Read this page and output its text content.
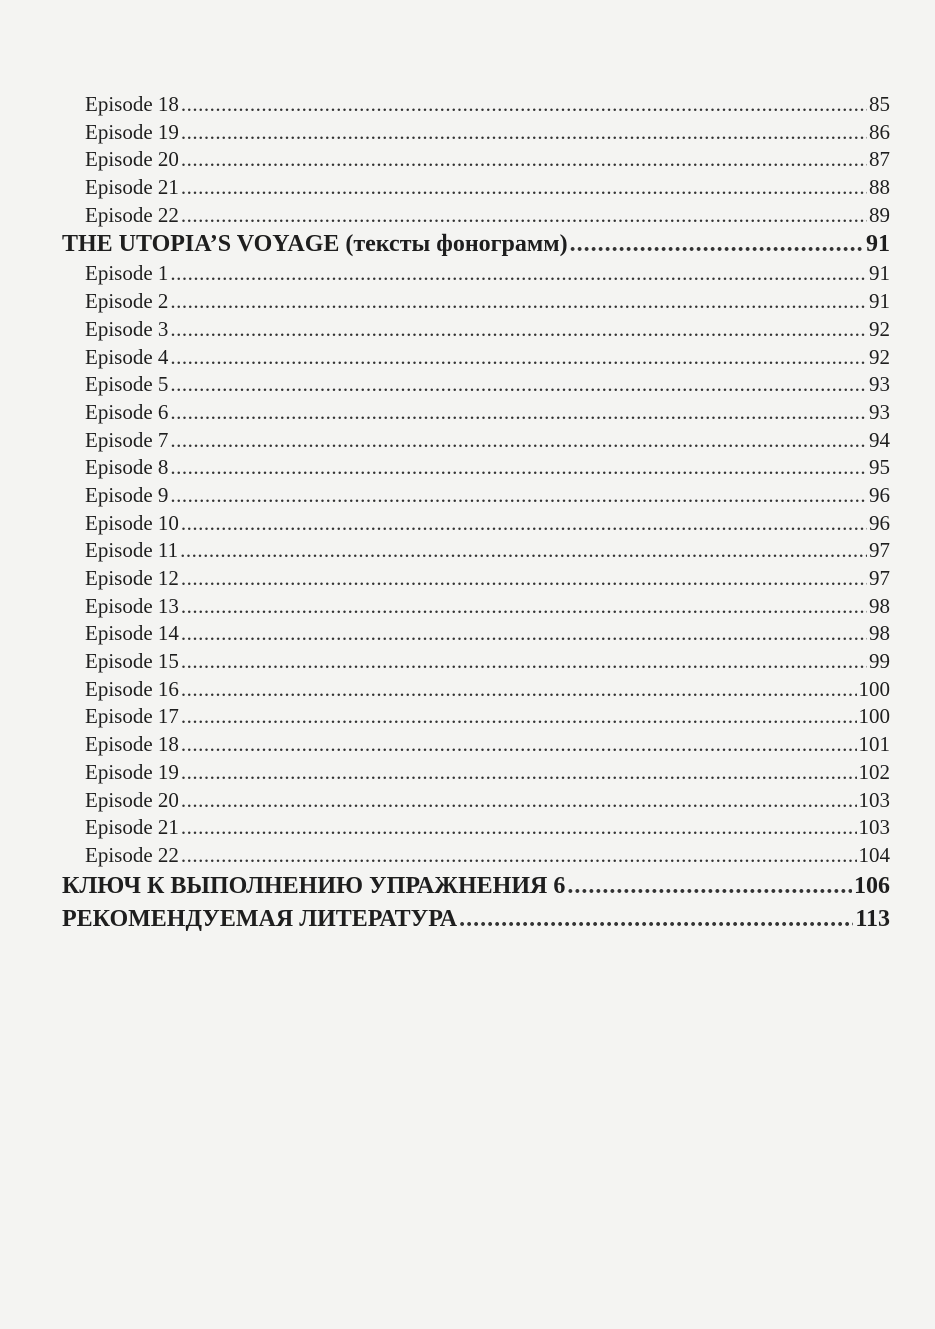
Episode 18 .....	85
Episode 19 .....	86
Episode 20 .....	87
Episode 21 .....	88
Episode 22 .....	89
THE UTOPIA’S VOYAGE (тексты фонограмм) .....	91
Episode 1 .....	91
Episode 2 .....	91
Episode 3 .....	92
Episode 4 .....	92
Episode 5 .....	93
Episode 6 .....	93
Episode 7 .....	94
Episode 8 .....	95
Episode 9 .....	96
Episode 10 .....	96
Episode 11 .....	97
Episode 12 .....	97
Episode 13 .....	98
Episode 14 .....	98
Episode 15 .....	99
Episode 16 .....	100
Episode 17 .....	100
Episode 18 .....	101
Episode 19 .....	102
Episode 20 .....	103
Episode 21 .....	103
Episode 22 .....	104
КЛЮЧ К ВЫПОЛНЕНИЮ УПРАЖНЕНИЯ 6 .....	106
РЕКОМЕНДУЕМАЯ ЛИТЕРАТУРА .....	113
